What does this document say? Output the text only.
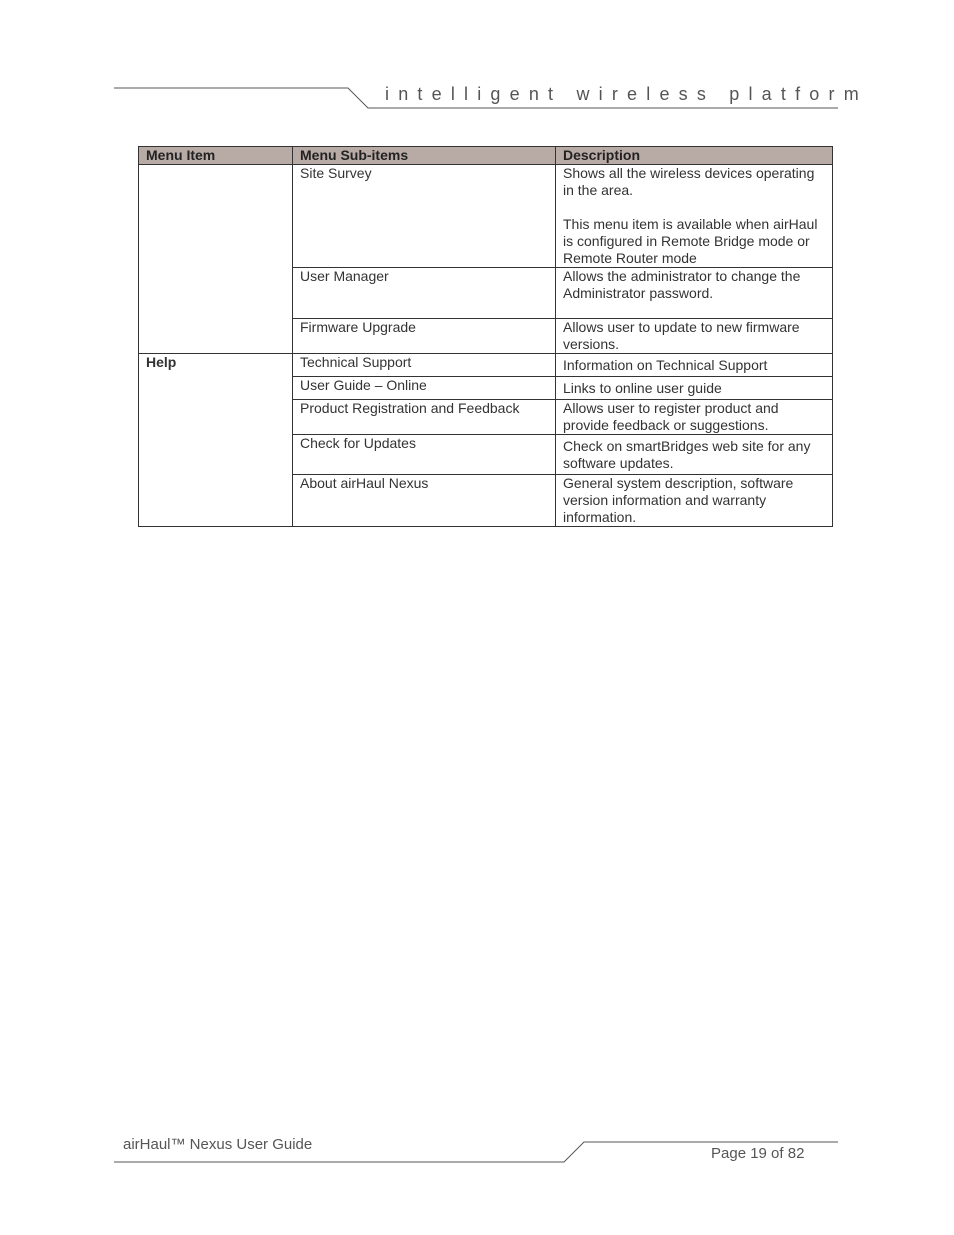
intelligent wireless platform
Menu Item	Menu Sub-items	Description
	Site Survey	Shows all the wireless devices operating in the area.
This menu item is available when airHaul is configured in Remote Bridge mode or Remote Router mode

	User Manager	Allows the administrator to change the Administrator password.
	Firmware Upgrade	Allows user to update to new firmware versions.
Help	Technical Support	Information on Technical Support
	User Guide – Online	Links to online user guide
	Product Registration and Feedback	Allows user to register product and provide feedback or suggestions.
	Check for Updates	Check on smartBridges web site for any software updates.
	About airHaul Nexus	General system description, software version information and warranty information.
airHaul™ Nexus User Guide
Page 19 of 82
